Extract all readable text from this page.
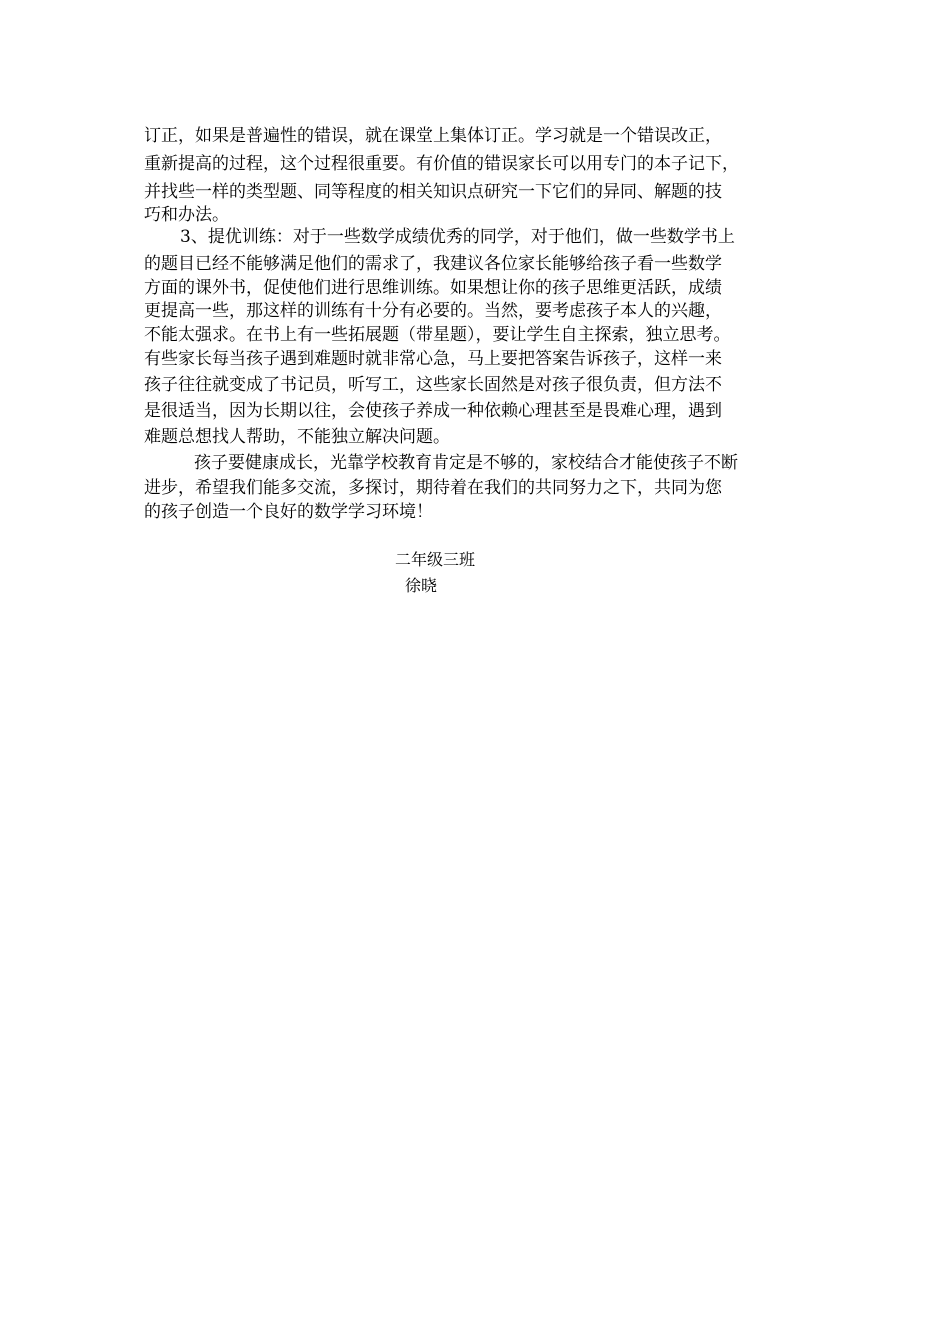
订正，如果是普遍性的错误，就在课堂上集体订正。学习就是一个错误改正，
重新提高的过程，这个过程很重要。有价值的错误家长可以用专门的本子记下，
并找些一样的类型题、同等程度的相关知识点研究一下它们的异同、解题的技
巧和办法。
3、提优训练：对于一些数学成绩优秀的同学，对于他们，做一些数学书上
的题目已经不能够满足他们的需求了，我建议各位家长能够给孩子看一些数学
方面的课外书，促使他们进行思维训练。如果想让你的孩子思维更活跃，成绩
更提高一些，那这样的训练有十分有必要的。当然，要考虑孩子本人的兴趣，
不能太强求。在书上有一些拓展题（带星题），要让学生自主探索，独立思考。
有些家长每当孩子遇到难题时就非常心急，马上要把答案告诉孩子，这样一来
孩子往往就变成了书记员，听写工，这些家长固然是对孩子很负责，但方法不
是很适当，因为长期以往，会使孩子养成一种依赖心理甚至是畏难心理，遇到
难题总想找人帮助，不能独立解决问题。
孩子要健康成长，光靠学校教育肯定是不够的，家校结合才能使孩子不断
进步，希望我们能多交流，多探讨，期待着在我们的共同努力之下，共同为您
的孩子创造一个良好的数学学习环境！
二年级三班
徐晓
